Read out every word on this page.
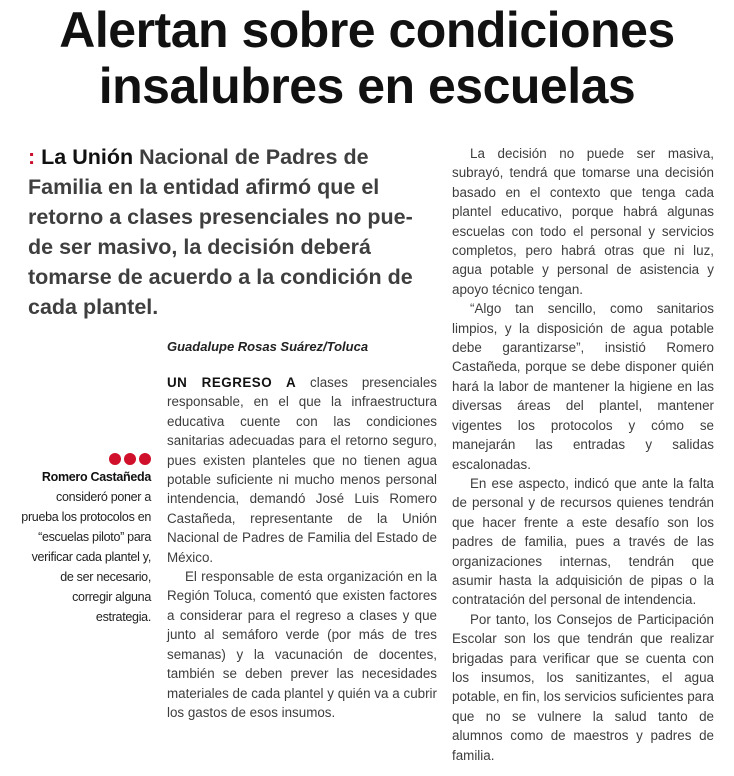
Alertan sobre condiciones
insalubres en escuelas

: La Unión Nacional de Padres de Familia en la entidad afirmó que el retorno a clases presenciales no pue-de ser masivo, la decisión deberá tomarse de acuerdo a la condición de cada plantel.

Guadalupe Rosas Suárez/Toluca

Romero Castañeda
consideró poner a prueba los protocolos en “escuelas piloto” para verificar cada plantel y, de ser necesario, corregir alguna estrategia.

UN REGRESO A clases presenciales responsable, en el que la infraestructura educativa cuente con las condiciones sanitarias adecuadas para el retorno seguro, pues existen planteles que no tienen agua potable suficiente ni mucho menos personal intendencia, demandó José Luis Romero Castañeda, representante de la Unión Nacional de Padres de Familia del Estado de México.

El responsable de esta organización en la Región Toluca, comentó que existen factores a considerar para el regreso a clases y que junto al semáforo verde (por más de tres semanas) y la vacunación de docentes, también se deben prever las necesidades materiales de cada plantel y quién va a cubrir los gastos de esos insumos.

La decisión no puede ser masiva, subrayó, tendrá que tomarse una decisión basado en el contexto que tenga cada plantel educativo, porque habrá algunas escuelas con todo el personal y servicios completos, pero habrá otras que ni luz, agua potable y personal de asistencia y apoyo técnico tengan.

“Algo tan sencillo, como sanitarios limpios, y la disposición de agua potable debe garantizarse”, insistió Romero Castañeda, porque se debe disponer quién hará la labor de mantener la higiene en las diversas áreas del plantel, mantener vigentes los protocolos y cómo se manejarán las entradas y salidas escalonadas.

En ese aspecto, indicó que ante la falta de personal y de recursos quienes tendrán que hacer frente a este desafío son los padres de familia, pues a través de las organizaciones internas, tendrán que asumir hasta la adquisición de pipas o la contratación del personal de intendencia.

Por tanto, los Consejos de Participación Escolar son los que tendrán que realizar brigadas para verificar que se cuenta con los insumos, los sanitizantes, el agua potable, en fin, los servicios suficientes para que no se vulnere la salud tanto de alumnos como de maestros y padres de familia.
